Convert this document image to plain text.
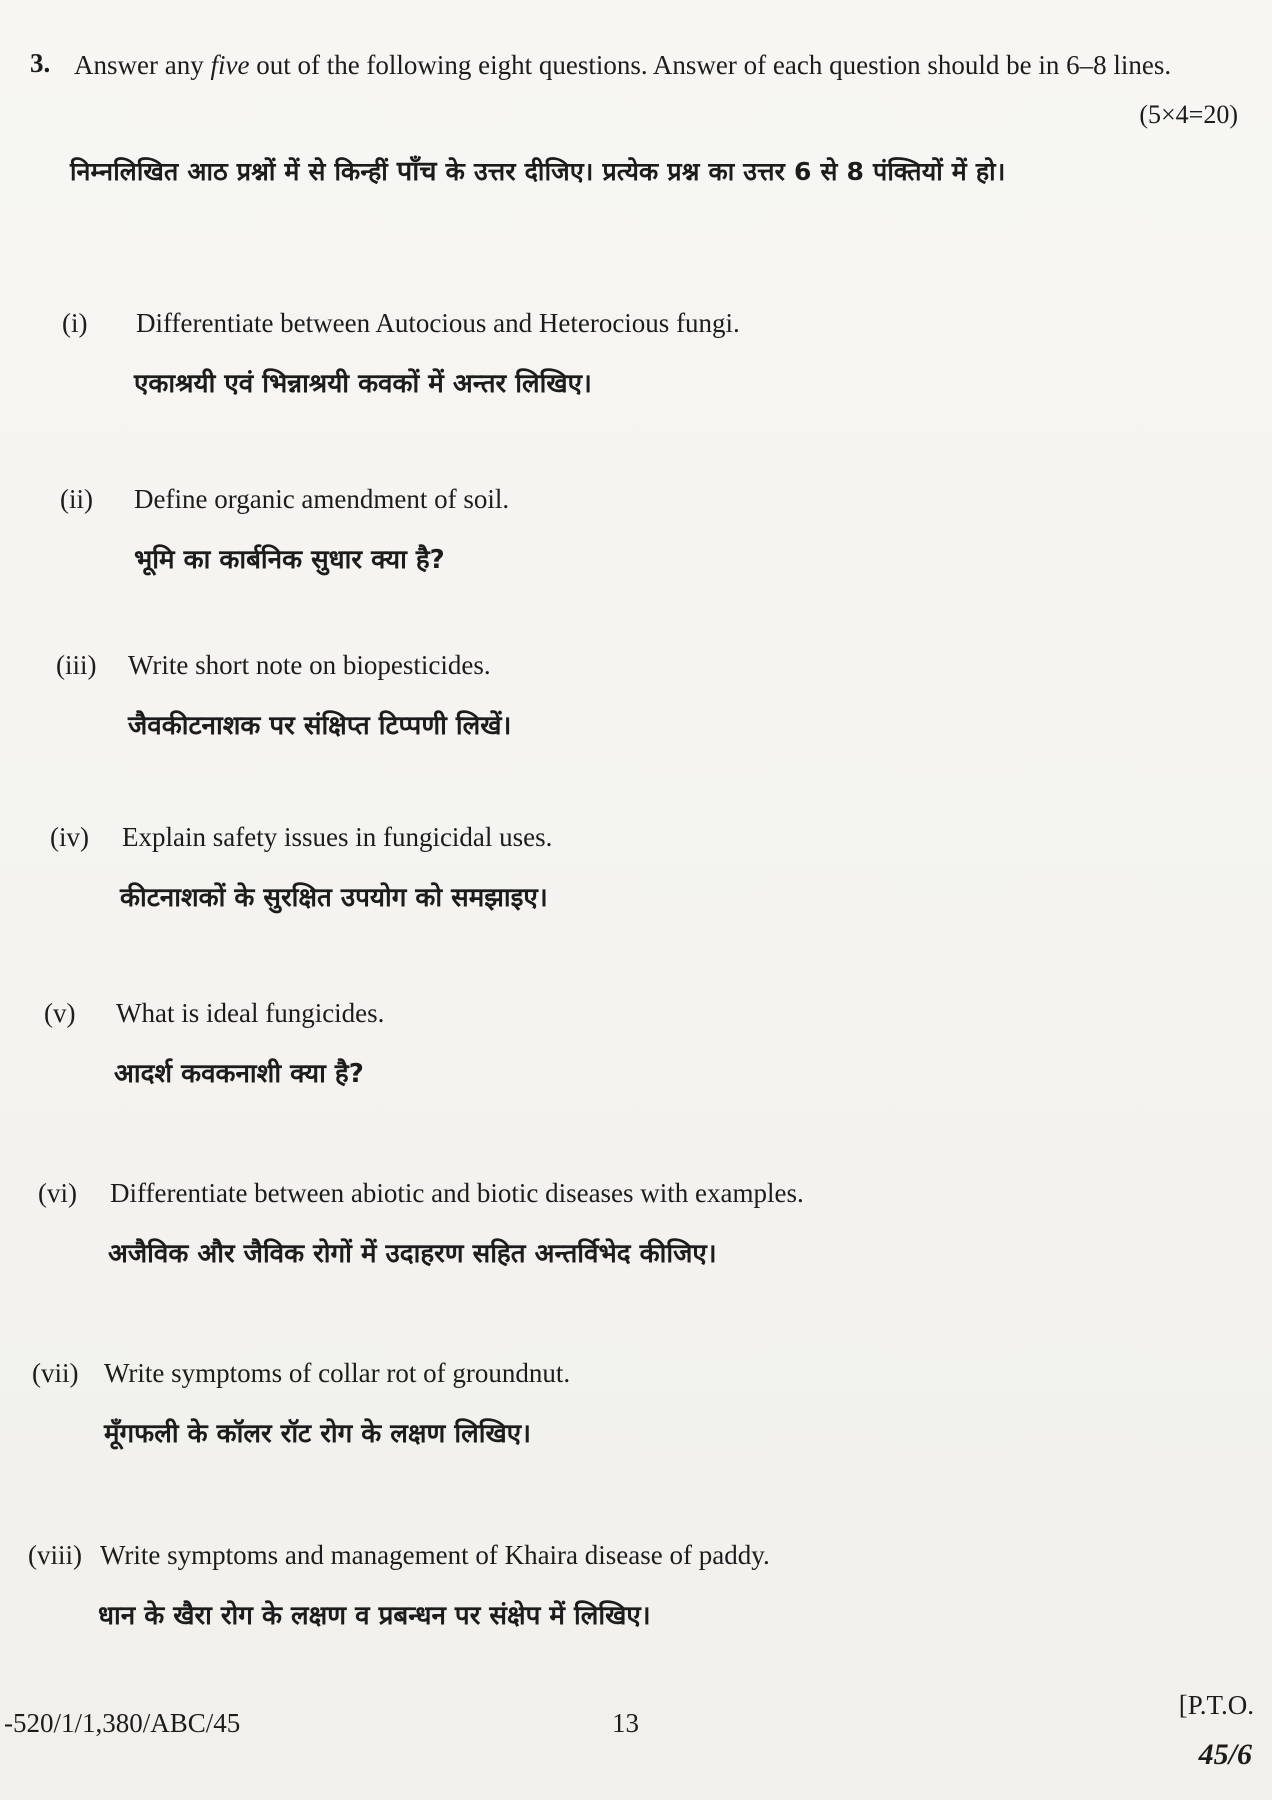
3. Answer any five out of the following eight questions. Answer of each question should be in 6–8 lines.
(5×4=20)
निम्नलिखित आठ प्रश्नों में से किन्हीं पाँच के उत्तर दीजिए। प्रत्येक प्रश्न का उत्तर 6 से 8 पंक्तियों में हो।
(i) Differentiate between Autocious and Heterocious fungi.
एकाश्रयी एवं भिन्नाश्रयी कवकों में अन्तर लिखिए।
(ii) Define organic amendment of soil.
भूमि का कार्बनिक सुधार क्या है?
(iii) Write short note on biopesticides.
जैवकीटनाशक पर संक्षिप्त टिप्पणी लिखें।
(iv) Explain safety issues in fungicidal uses.
कीटनाशकों के सुरक्षित उपयोग को समझाइए।
(v) What is ideal fungicides.
आदर्श कवकनाशी क्या है?
(vi) Differentiate between abiotic and biotic diseases with examples.
अजैविक और जैविक रोगों में उदाहरण सहित अन्तर्विभेद कीजिए।
(vii) Write symptoms of collar rot of groundnut.
मूँगफली के कॉलर रॉट रोग के लक्षण लिखिए।
(viii) Write symptoms and management of Khaira disease of paddy.
धान के खैरा रोग के लक्षण व प्रबन्धन पर संक्षेप में लिखिए।
-520/1/1,380/ABC/45	13
[P.T.O.
45/6
